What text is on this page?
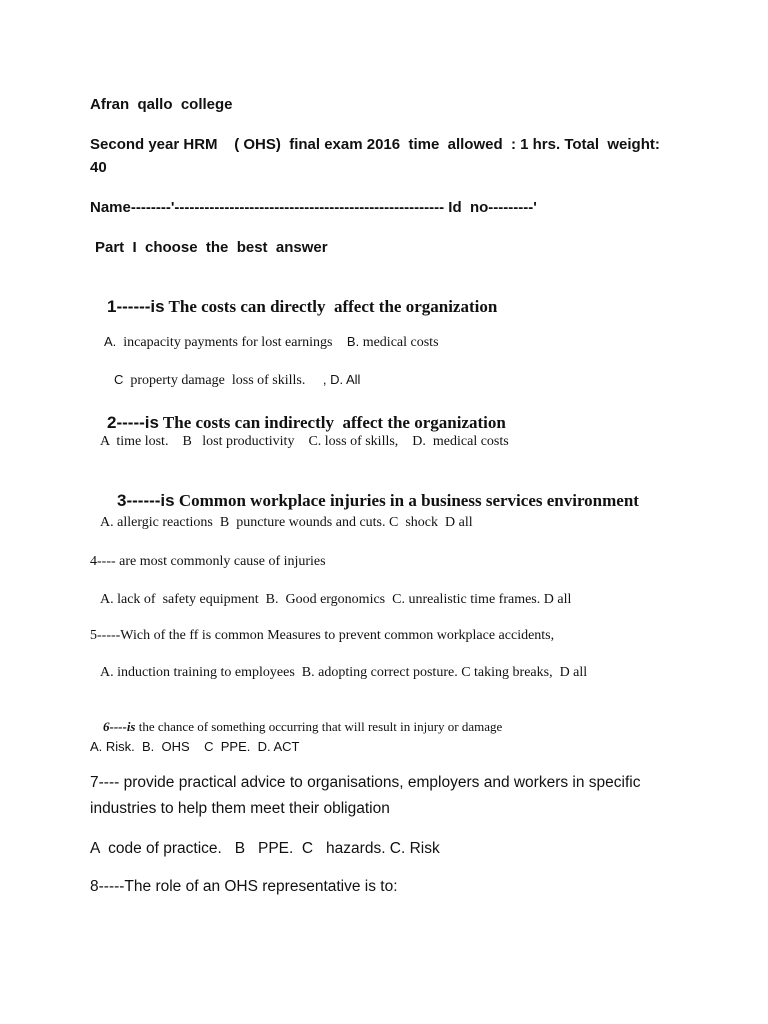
Afran  qallo  college
Second year HRM    ( OHS)  final exam 2016  time  allowed  : 1 hrs. Total  weight:
40
Name--------'------------------------------------------------------ Id  no---------'
Part  I  choose  the  best  answer

1------is The costs can directly  affect the organization

A.  incapacity payments for lost earnings    B. medical costs

C  property damage  loss of skills.     , D. All

2-----is The costs can indirectly  affect the organization

A  time lost.    B   lost productivity    C. loss of skills,    D.  medical costs

3------is Common workplace injuries in a business services environment

A. allergic reactions  B  puncture wounds and cuts. C  shock  D all
4---- are most commonly cause of injuries
A. lack of  safety equipment  B.  Good ergonomics  C. unrealistic time frames. D all
5-----Wich of the ff is common Measures to prevent common workplace accidents,
A. induction training to employees  B. adopting correct posture. C taking breaks,  D all

6----is the chance of something occurring that will result in injury or damage

A. Risk.  B.  OHS    C  PPE.  D. ACT
7---- provide practical advice to organisations, employers and workers in specific
industries to help them meet their obligation
A  code of practice.   B   PPE.  C   hazards. C. Risk
8-----The role of an OHS representative is to:
